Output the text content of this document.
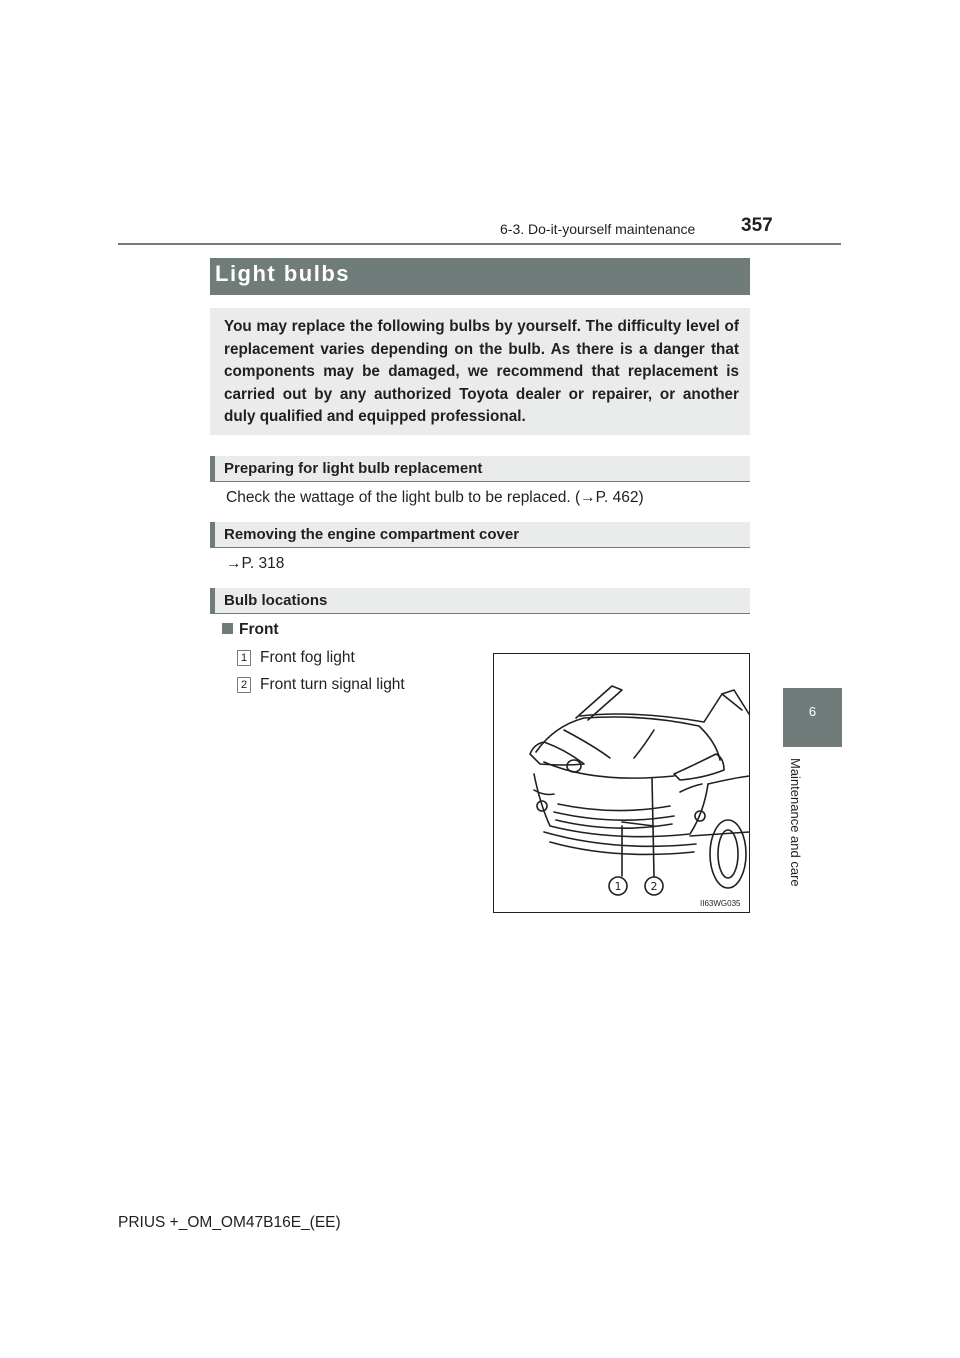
6-3. Do-it-yourself maintenance 357
6
Maintenance and care
Light bulbs
You may replace the following bulbs by yourself. The difficulty level of replacement varies depending on the bulb. As there is a danger that components may be damaged, we recommend that replacement is carried out by any authorized Toyota dealer or repairer, or another duly qualified and equipped professional.
Preparing for light bulb replacement
Check the wattage of the light bulb to be replaced. (→P. 462)
Removing the engine compartment cover
→P. 318
Bulb locations
Front
1 Front fog light
2 Front turn signal light
1	2
II63WG035
PRIUS +_OM_OM47B16E_(EE)
